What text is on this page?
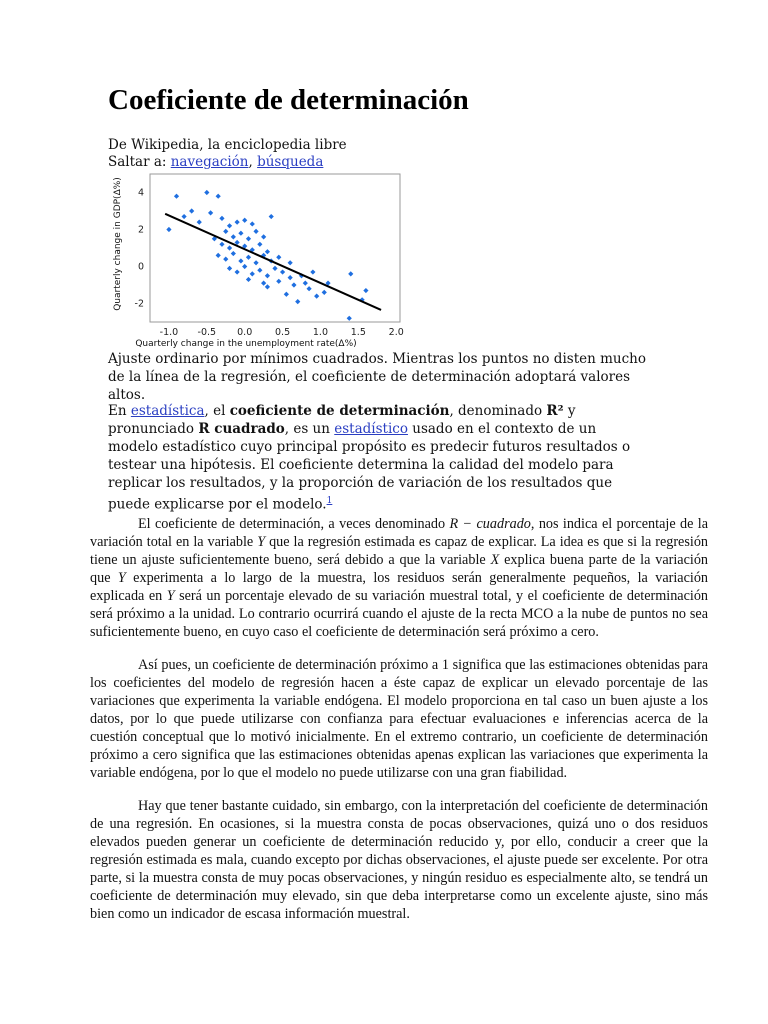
Coeficiente de determinación
De Wikipedia, la enciclopedia libre
Saltar a: navegación, búsqueda
-1.0 -0.5 0.0 0.5 1.0 1.5 2.0
4
2
0
-2
Quarterly change in the unemployment rate(Δ%)
Quarterly change in GDP(Δ%)

Ajuste ordinario por mínimos cuadrados. Mientras los puntos no disten mucho de la línea de la regresión, el coeficiente de determinación adoptará valores altos.

En estadística, el coeficiente de determinación, denominado R² y pronunciado R cuadrado, es un estadístico usado en el contexto de un modelo estadístico cuyo principal propósito es predecir futuros resultados o testear una hipótesis. El coeficiente determina la calidad del modelo para replicar los resultados, y la proporción de variación de los resultados que puede explicarse por el modelo.$^1$

El coeficiente de determinación, a veces denominado R − cuadrado, nos indica el porcentaje de la variación total en la variable Y que la regresión estimada es capaz de explicar. La idea es que si la regresión tiene un ajuste suficientemente bueno, será debido a que la variable X explica buena parte de la variación que Y experimenta a lo largo de la muestra, los residuos serán generalmente pequeños, la variación explicada en Y será un porcentaje elevado de su variación muestral total, y el coeficiente de determinación será próximo a la unidad. Lo contrario ocurrirá cuando el ajuste de la recta MCO a la nube de puntos no sea suficientemente bueno, en cuyo caso el coeficiente de determinación será próximo a cero.

Así pues, un coeficiente de determinación próximo a 1 significa que las estimaciones obtenidas para los coeficientes del modelo de regresión hacen a éste capaz de explicar un elevado porcentaje de las variaciones que experimenta la variable endógena. El modelo proporciona en tal caso un buen ajuste a los datos, por lo que puede utilizarse con confianza para efectuar evaluaciones e inferencias acerca de la cuestión conceptual que lo motivó inicialmente. En el extremo contrario, un coeficiente de determinación próximo a cero significa que las estimaciones obtenidas apenas explican las variaciones que experimenta la variable endógena, por lo que el modelo no puede utilizarse con una gran fiabilidad.

Hay que tener bastante cuidado, sin embargo, con la interpretación del coeficiente de determinación de una regresión. En ocasiones, si la muestra consta de pocas observaciones, quizá uno o dos residuos elevados pueden generar un coeficiente de determinación reducido y, por ello, conducir a creer que la regresión estimada es mala, cuando excepto por dichas observaciones, el ajuste puede ser excelente. Por otra parte, si la muestra consta de muy pocas observaciones, y ningún residuo es especialmente alto, se tendrá un coeficiente de determinación muy elevado, sin que deba interpretarse como un excelente ajuste, sino más bien como un indicador de escasa información muestral.
